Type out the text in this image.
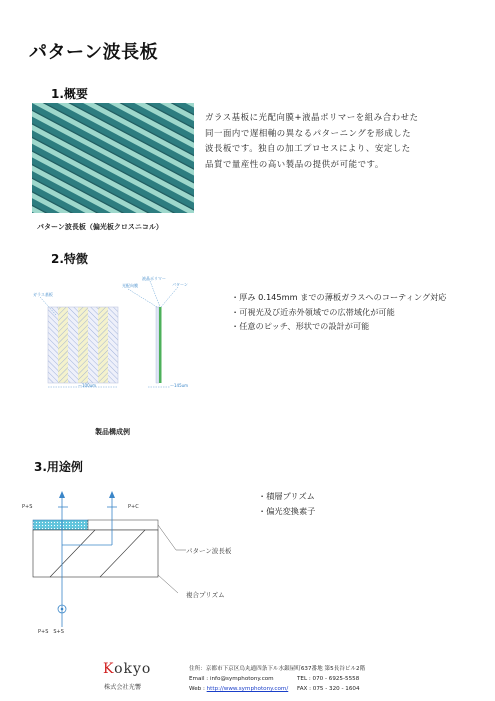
パターン波長板
1.概要
ガラス基板に光配向膜+液晶ポリマーを組み合わせた
同一面内で遅相軸の異なるパターニングを形成した
波長板です。独自の加工プロセスにより、安定した
品質で量産性の高い製品の提供が可能です。
パターン波長板（偏光板クロスニコル）
2.特徴
ガラス基板
光配向膜
液晶ポリマー
パターン
～100um	～145um
・厚み 0.145mm までの薄板ガラスへのコーティング対応
・可視光及び近赤外領域での広帯域化が可能
・任意のピッチ、形状での設計が可能
製品構成例
3.用途例
P+S	P+C
パターン波長板
複合プリズム
P+S　S+S
・積層プリズム
・偏光変換素子
Kokyo
株式会社光響
住所：京都市下京区烏丸通四条下ル水銀屋町637番地 第5長谷ビル2階
Email : info@symphotony.com
Web : http://www.symphotony.com/
TEL : 070 - 6925-5558
FAX : 075 - 320 - 1604
